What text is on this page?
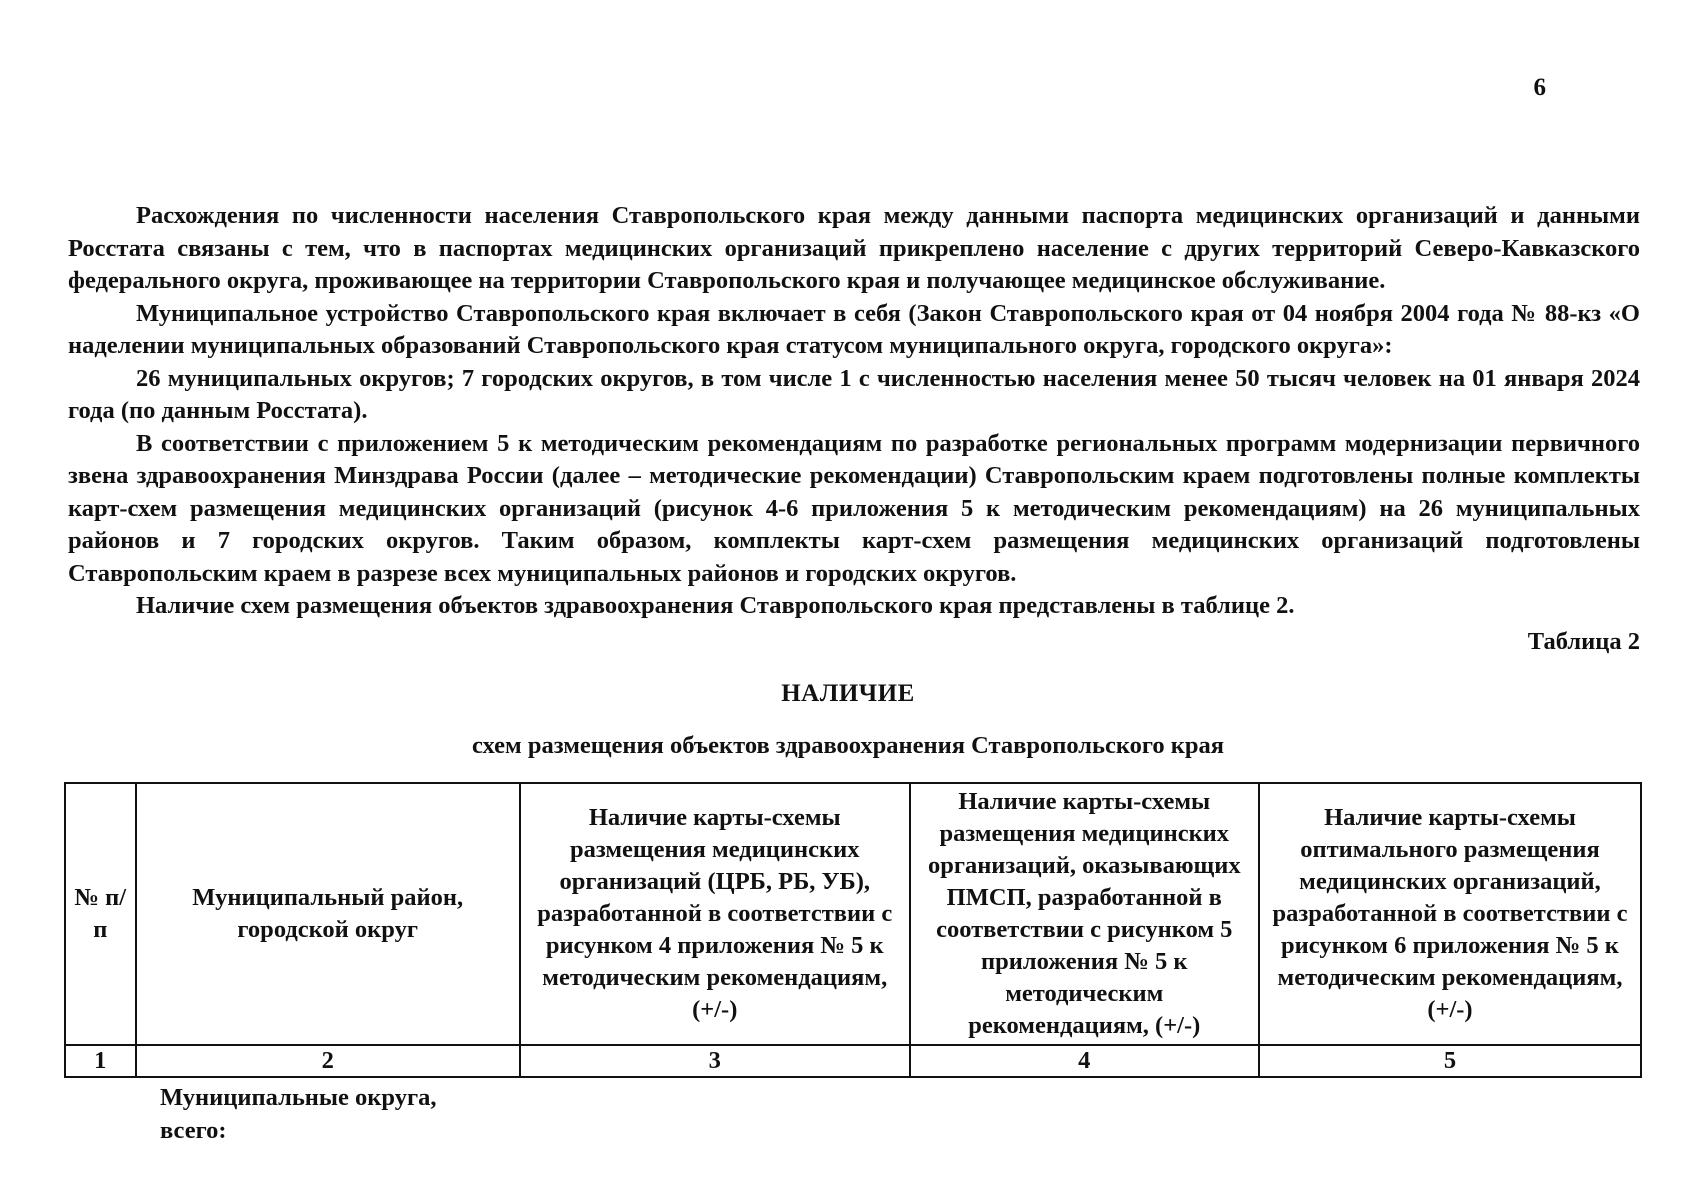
6

Расхождения по численности населения Ставропольского края между данными паспорта медицинских организаций и данными Росстата связаны с тем, что в паспортах медицинских организаций прикреплено население с других территорий Северо-Кавказского федерального округа, проживающее на территории Ставропольского края и получающее медицинское обслуживание.

Муниципальное устройство Ставропольского края включает в себя (Закон Ставропольского края от 04 ноября 2004 года № 88-кз «О наделении муниципальных образований Ставропольского края статусом муниципального округа, городского округа»:

26 муниципальных округов; 7 городских округов, в том числе 1 с численностью населения менее 50 тысяч человек на 01 января 2024 года (по данным Росстата).

В соответствии с приложением 5 к методическим рекомендациям по разработке региональных программ модернизации первичного звена здравоохранения Минздрава России (далее – методические рекомендации) Ставропольским краем подготовлены полные комплекты карт-схем размещения медицинских организаций (рисунок 4-6 приложения 5 к методическим рекомендациям) на 26 муниципальных районов и 7 городских округов. Таким образом, комплекты карт-схем размещения медицинских организаций подготовлены Ставропольским краем в разрезе всех муниципальных районов и городских округов.

Наличие схем размещения объектов здравоохранения Ставропольского края представлены в таблице 2.

Таблица 2
НАЛИЧИЕ
схем размещения объектов здравоохранения Ставропольского края
№ п/п	Муниципальный район, городской округ	Наличие карты-схемы размещения медицинских организаций (ЦРБ, РБ, УБ), разработанной в соответствии с рисунком 4 приложения № 5 к методическим рекомендациям, (+/-)	Наличие карты-схемы размещения медицинских организаций, оказывающих ПМСП, разработанной в соответствии с рисунком 5 приложения № 5 к методическим рекомендациям, (+/-)	Наличие карты-схемы оптимального размещения медицинских организаций, разработанной в соответствии с рисунком 6 приложения № 5 к методическим рекомендациям, (+/-)
1	2	3	4	5
Муниципальные округа, всего:
